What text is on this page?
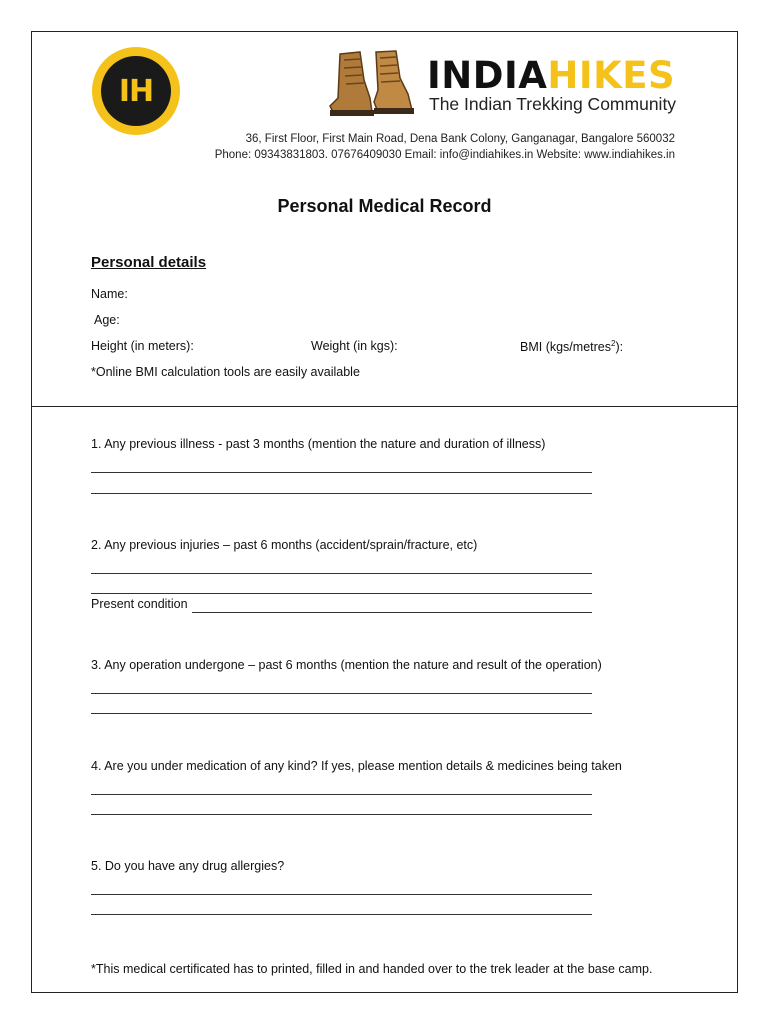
IH	INDIAHIKES
The Indian Trekking Community
36, First Floor, First Main Road, Dena Bank Colony, Ganganagar, Bangalore 560032
Phone: 09343831803. 07676409030 Email: info@indiahikes.in Website: www.indiahikes.in
Personal Medical Record
Personal details
Name:
Age:
Height (in meters):	Weight (in kgs):	BMI (kgs/metres$^2$):
*Online BMI calculation tools are easily available
1. Any previous illness - past 3 months (mention the nature and duration of illness)
2. Any previous injuries – past 6 months (accident/sprain/fracture, etc)
Present condition
3. Any operation undergone – past 6 months (mention the nature and result of the operation)
4. Are you under medication of any kind? If yes, please mention details & medicines being taken
5. Do you have any drug allergies?
*This medical certificated has to printed, filled in and handed over to the trek leader at the base camp.
